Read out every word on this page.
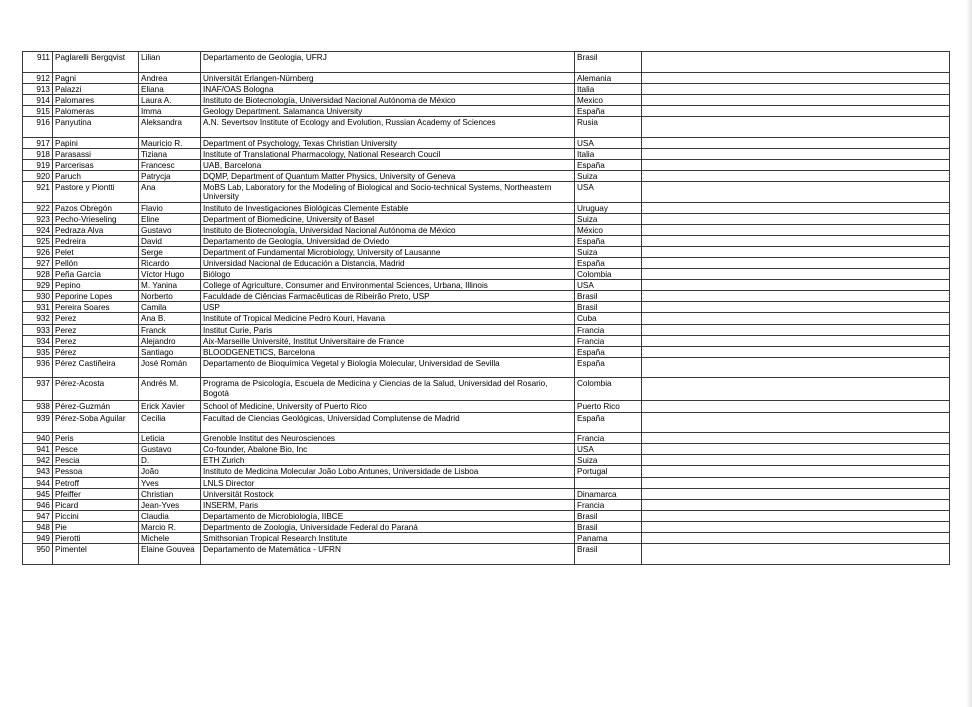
911	Paglarelli Bergqvist	Lilian	Departamento de Geologia, UFRJ	Brasil	
912	Pagni	Andrea	Universität Erlangen-Nürnberg	Alemania	
913	Palazzi	Eliana	INAF/OAS Bologna	Italia	
914	Palomares	Laura A.	Instituto de Biotecnología, Universidad Nacional Autónoma de México	Mexico	
915	Palomeras	Imma	Geology Department. Salamanca University	España	
916	Panyutina	Aleksandra	A.N. Severtsov Institute of Ecology and Evolution, Russian Academy of Sciences	Rusia	
917	Papini	Mauricio R.	Department of Psychology, Texas Christian University	USA	
918	Parasassi	Tiziana	Institute of Translational Pharmacology, National Research Coucil	Italia	
919	Parcerisas	Francesc	UAB, Barcelona	España	
920	Paruch	Patrycja	DQMP, Department of Quantum Matter Physics, University of Geneva	Suiza	
921	Pastore y Piontti	Ana	MoBS Lab, Laboratory for the Modeling of Biological and Socio-technical Systems, Northeastern University	USA	
922	Pazos Obregón	Flavio	Instituto de Investigaciones Biológicas Clemente Estable	Uruguay	
923	Pecho-Vrieseling	Eline	Department of Biomedicine, University of Basel	Suiza	
924	Pedraza Alva	Gustavo	Instituto de Biotecnología, Universidad Nacional Autónoma de México	México	
925	Pedreira	David	Departamento de Geología, Universidad de Oviedo	España	
926	Pelet	Serge	Department of Fundamental Microbiology, University of Lausanne	Suiza	
927	Pellón	Ricardo	Universidad Nacional de Educación a Distancia, Madrid	España	
928	Peña García	Víctor Hugo	Biólogo	Colombia	
929	Pepino	M. Yanina	College of Agriculture, Consumer and Environmental Sciences, Urbana, Illinois	USA	
930	Peporine Lopes	Norberto	Faculdade de Ciências Farmacêuticas de Ribeirão Preto, USP	Brasil	
931	Pereira Soares	Camila	USP	Brasil	
932	Perez	Ana B.	Institute of Tropical Medicine Pedro Kouri, Havana	Cuba	
933	Perez	Franck	Institut Curie, Paris	Francia	
934	Perez	Alejandro	Aix-Marseille Université, Institut Universitaire de France	Francia	
935	Pérez	Santiago	BLOODGENETICS, Barcelona	España	
936	Pérez Castiñeira	José Román	Departamento de Bioquímica Vegetal y Biología Molecular, Universidad de Sevilla	España	
937	Pérez-Acosta	Andrés M.	Programa de Psicología, Escuela de Medicina y Ciencias de la Salud, Universidad del Rosario, Bogotá	Colombia	
938	Pérez-Guzmán	Erick Xavier	School of Medicine, University of Puerto Rico	Puerto Rico	
939	Pérez-Soba Aguilar	Cecilia	Facultad de Ciencias Geológicas, Universidad Complutense de Madrid	España	
940	Peris	Leticia	Grenoble Institut des Neurosciences	Francia	
941	Pesce	Gustavo	Co-founder, Abalone Bio, Inc	USA	
942	Pescia	D.	ETH Zurich	Suiza	
943	Pessoa	João	Instituto de Medicina Molecular João Lobo Antunes, Universidade de Lisboa	Portugal	
944	Petroff	Yves	LNLS Director		
945	Pfeiffer	Christian	Universität Rostock	Dinamarca	
946	Picard	Jean-Yves	INSERM, Paris	Francia	
947	Piccini	Claudia	Departamento de Microbiología, IIBCE	Brasil	
948	Pie	Marcio R.	Departmento de Zoologia, Universidade Federal do Paraná	Brasil	
949	Pierotti	Michele	Smithsonian Tropical Research Institute	Panama	
950	Pimentel	Elaine Gouvea	Departamento de Matemática - UFRN	Brasil	
